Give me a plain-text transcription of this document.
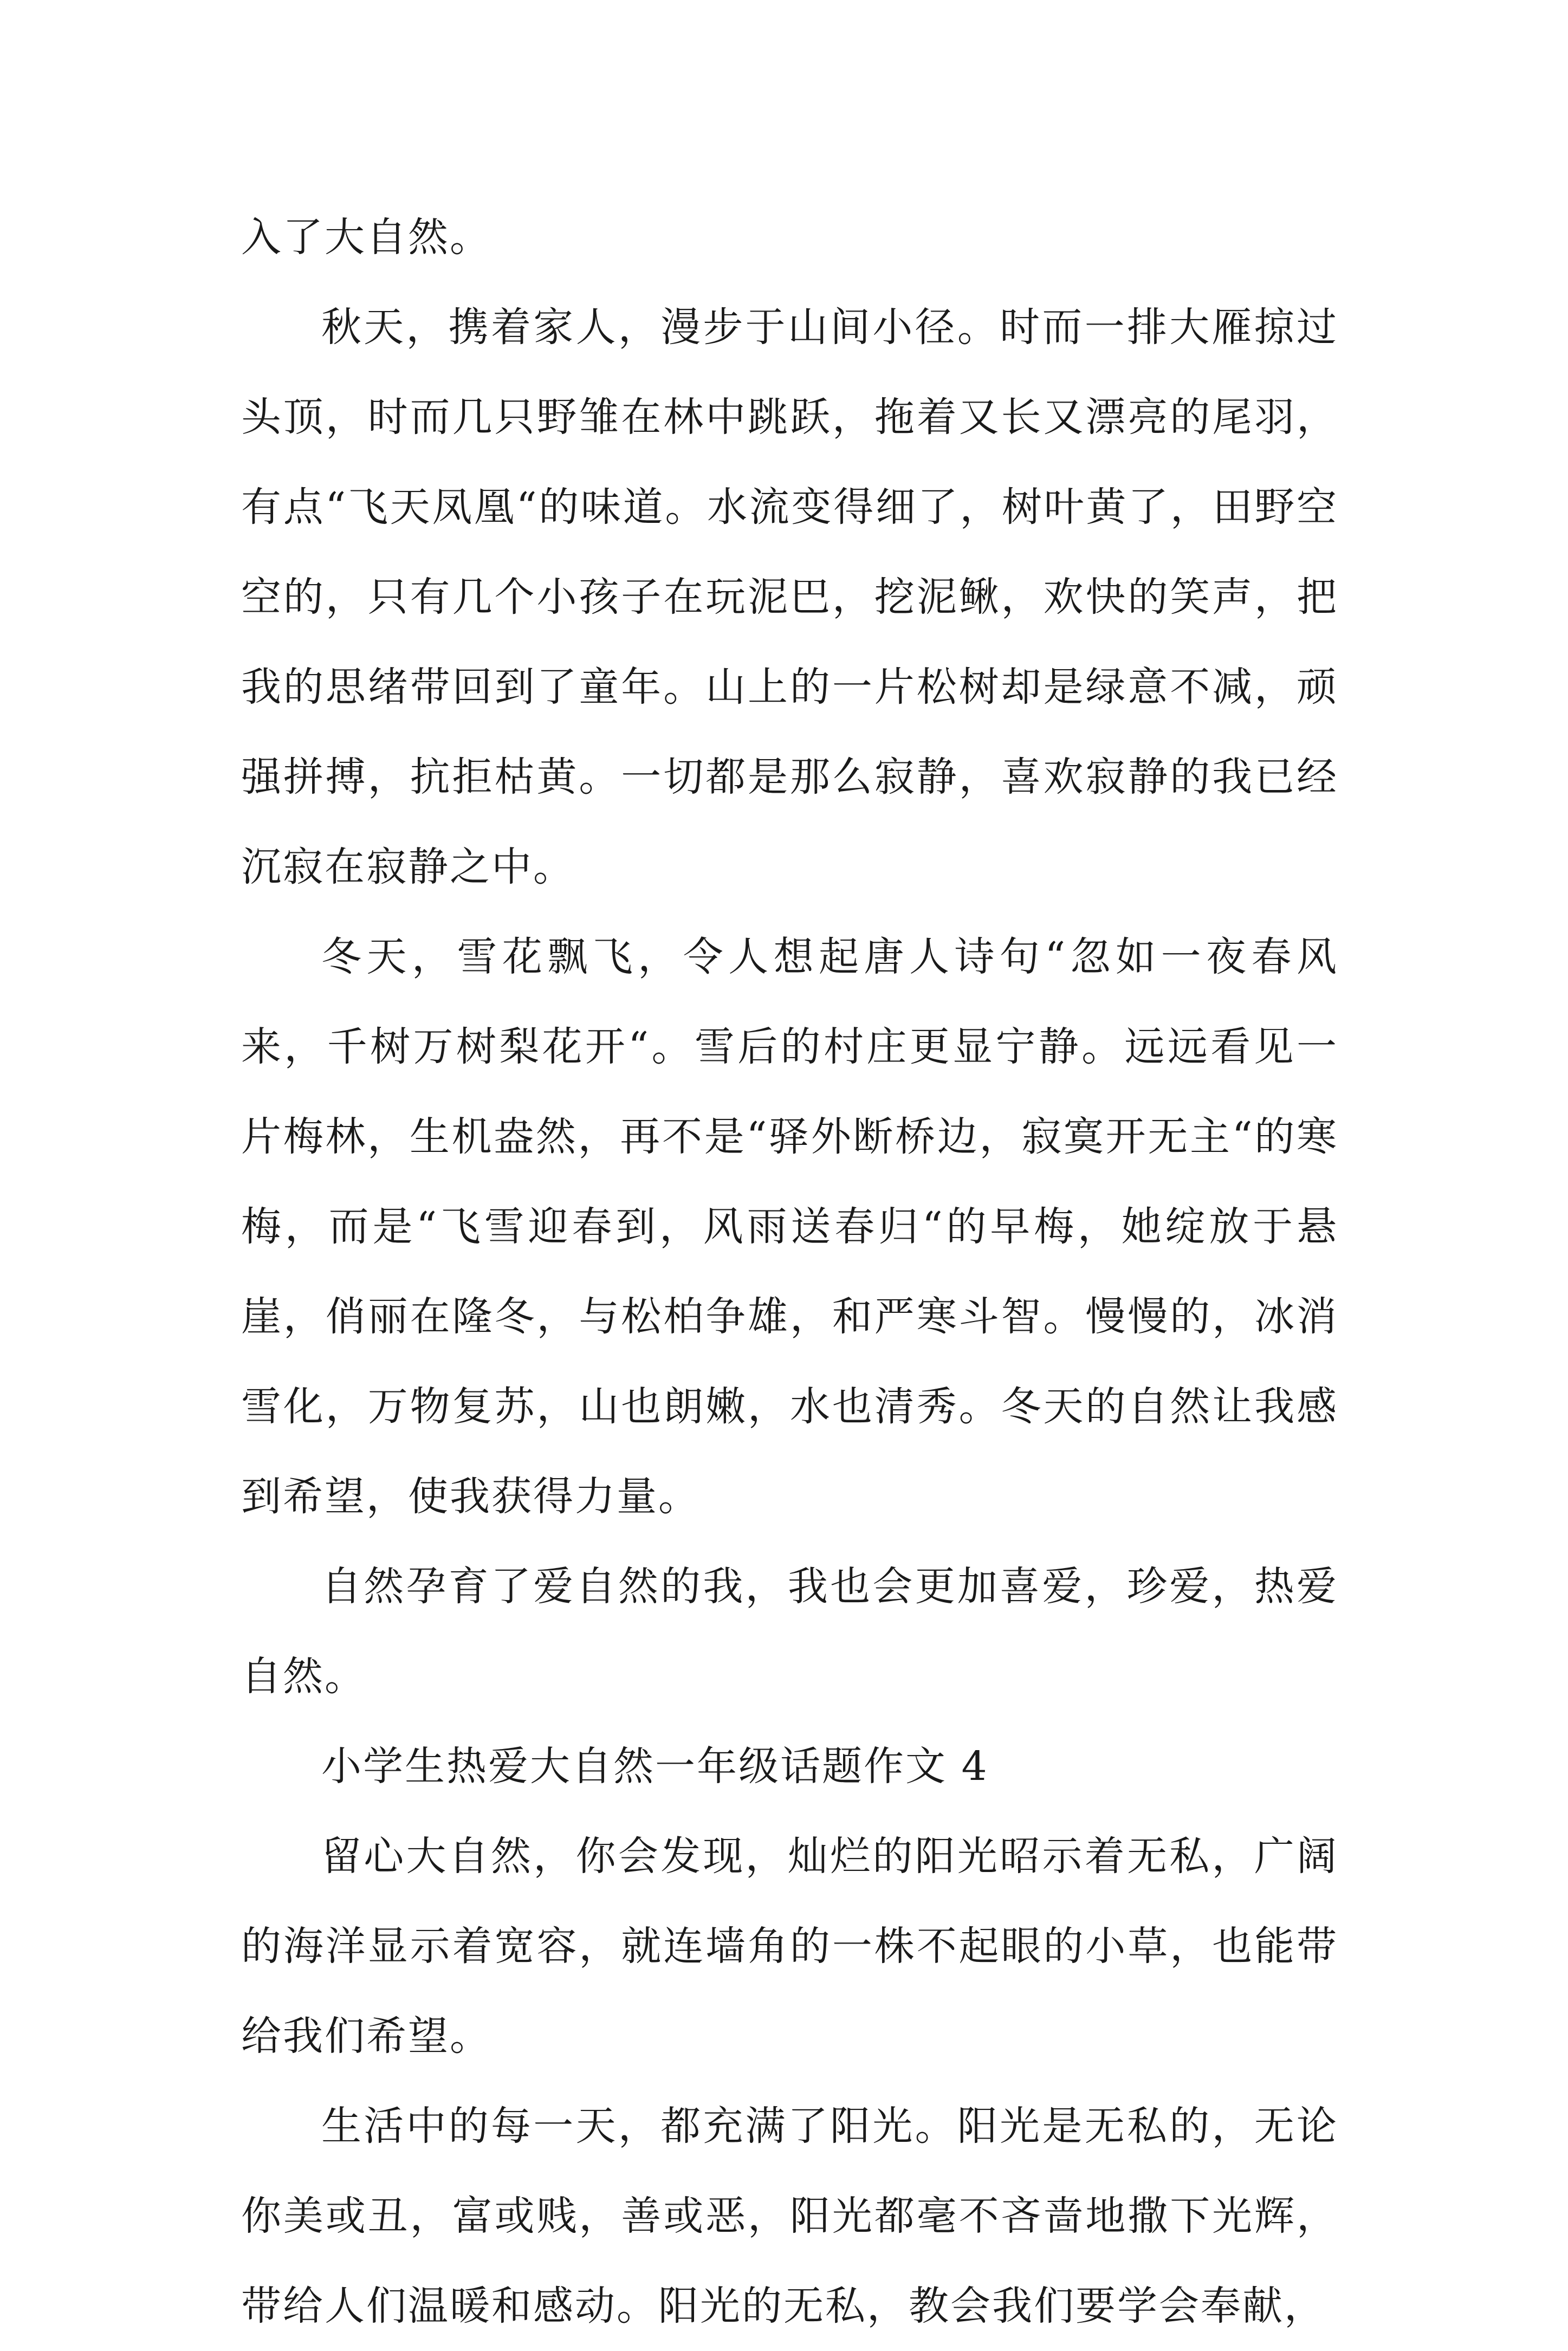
入了大自然。

秋天，携着家人，漫步于山间小径。时而一排大雁掠过头顶，时而几只野雏在林中跳跃，拖着又长又漂亮的尾羽，有点“飞天凤凰“的味道。水流变得细了，树叶黄了，田野空空的，只有几个小孩子在玩泥巴，挖泥鳅，欢快的笑声，把我的思绪带回到了童年。山上的一片松树却是绿意不减，顽强拼搏，抗拒枯黄。一切都是那么寂静，喜欢寂静的我已经沉寂在寂静之中。

冬天，雪花飘飞，令人想起唐人诗句“忽如一夜春风来，千树万树梨花开“。雪后的村庄更显宁静。远远看见一片梅林，生机盎然，再不是“驿外断桥边，寂寞开无主“的寒梅，而是“飞雪迎春到，风雨送春归“的早梅，她绽放于悬崖，俏丽在隆冬，与松柏争雄，和严寒斗智。慢慢的，冰消雪化，万物复苏，山也朗嫩，水也清秀。冬天的自然让我感到希望，使我获得力量。

自然孕育了爱自然的我，我也会更加喜爱，珍爱，热爱自然。

小学生热爱大自然一年级话题作文 4

留心大自然，你会发现，灿烂的阳光昭示着无私，广阔的海洋显示着宽容，就连墙角的一株不起眼的小草，也能带给我们希望。

生活中的每一天，都充满了阳光。阳光是无私的，无论你美或丑，富或贱，善或恶，阳光都毫不吝啬地撒下光辉，带给人们温暖和感动。阳光的无私，教会我们要学会奉献，
